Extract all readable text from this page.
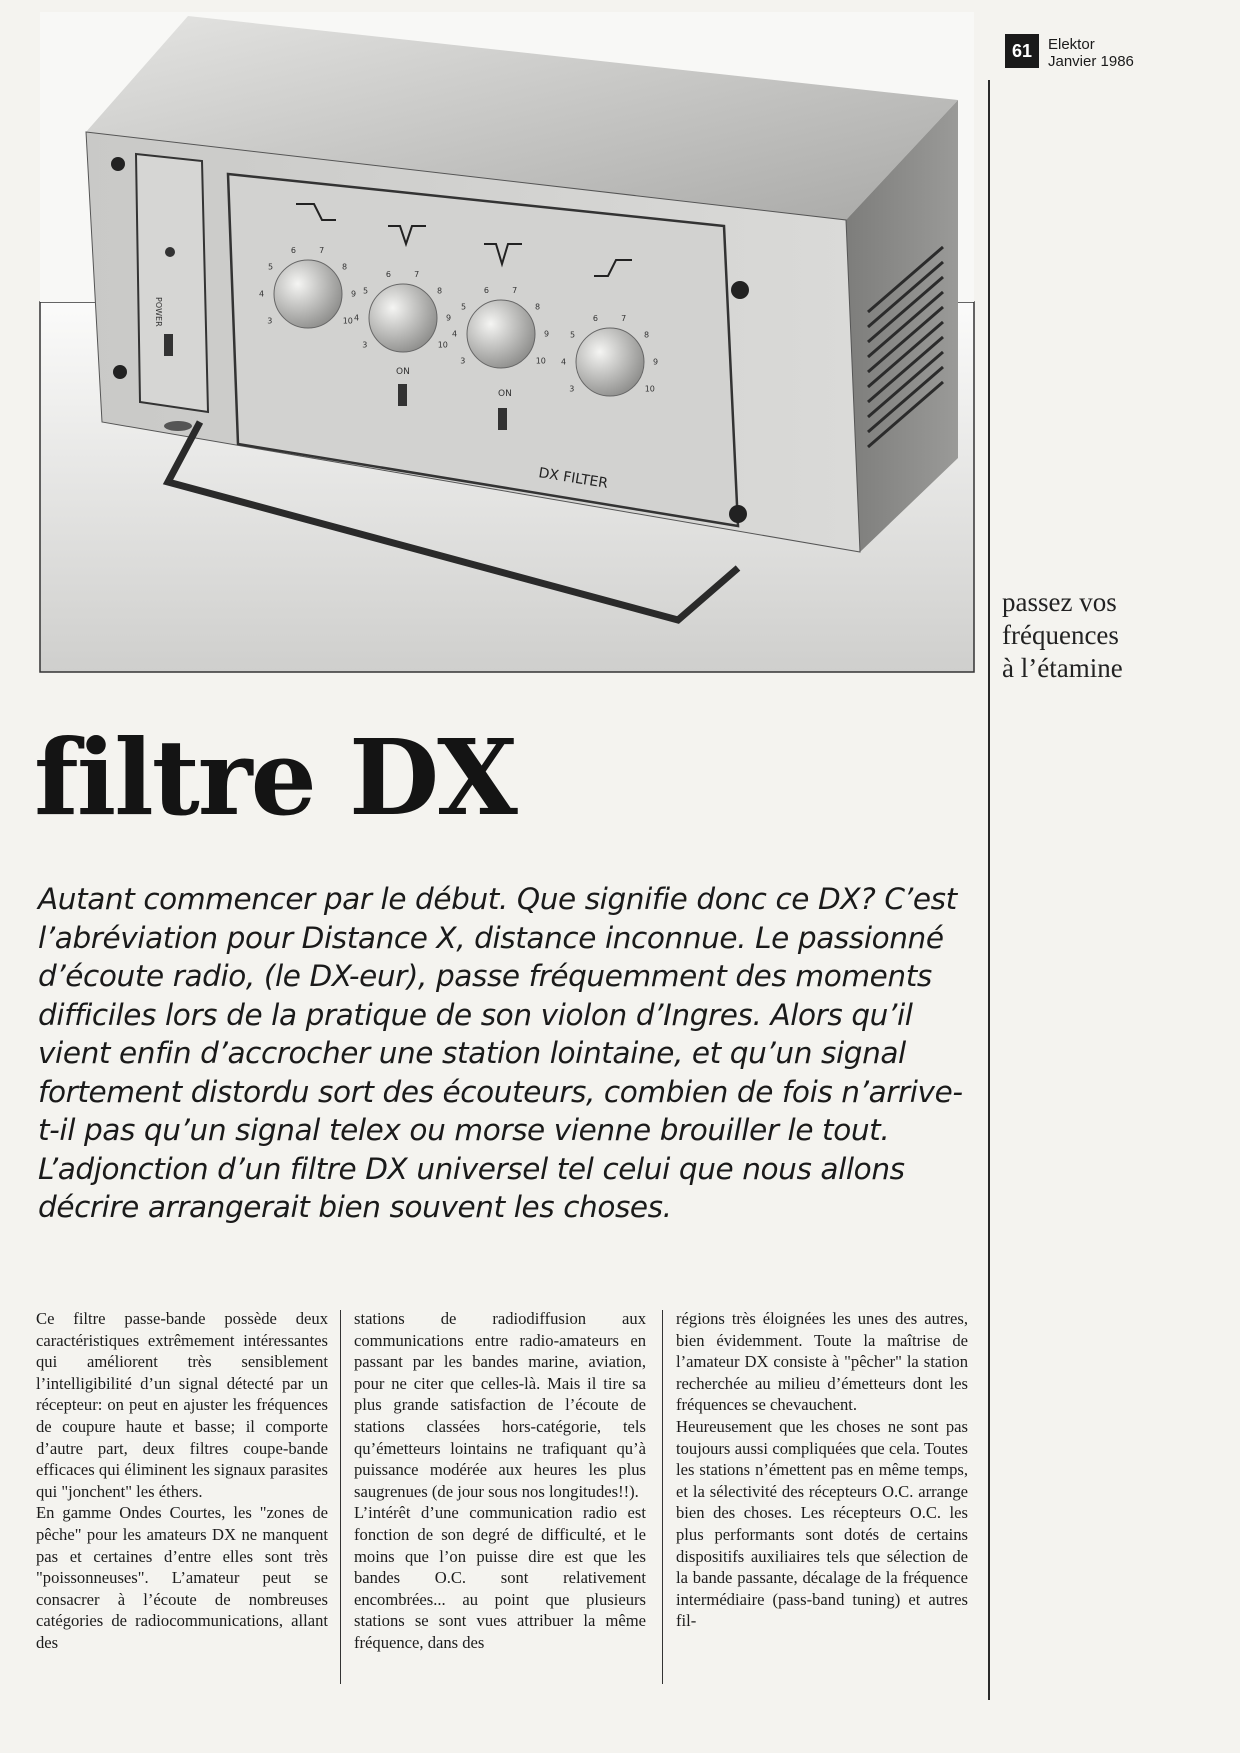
61	Elektor
Janvier 1986
passez vos
fréquences
à l’étamine
POWER
DX FILTER
ON
ON
3
4
5
6	7
8
9
10
3
4
5
6	7
8
9
10
3
4
5
6	7
8
9
10
3
4
5
6	7
8
9
10
filtre DX

Autant commencer par le début. Que signifie donc ce DX? C’est l’abréviation pour Distance X, distance inconnue. Le passionné d’écoute radio, (le DX-eur), passe fréquemment des moments difficiles lors de la pratique de son violon d’Ingres. Alors qu’il vient enfin d’accrocher une station lointaine, et qu’un signal fortement distordu sort des écouteurs, combien de fois n’arrive-t-il pas qu’un signal telex ou morse vienne brouiller le tout.
L’adjonction d’un filtre DX universel tel celui que nous allons décrire arrangerait bien souvent les choses.

Ce filtre passe-bande possède deux caractéristiques extrêmement intéressantes qui améliorent très sensiblement l’intelligibilité d’un signal détecté par un récepteur: on peut en ajuster les fréquences de coupure haute et basse; il comporte d’autre part, deux filtres coupe-bande efficaces qui éliminent les signaux parasites qui "jonchent" les éthers.

En gamme Ondes Courtes, les "zones de pêche" pour les amateurs DX ne manquent pas et certaines d’entre elles sont très "poissonneuses". L’amateur peut se consacrer à l’écoute de nombreuses catégories de radiocommunications, allant des

stations de radiodiffusion aux communications entre radio-amateurs en passant par les bandes marine, aviation, pour ne citer que celles-là. Mais il tire sa plus grande satisfaction de l’écoute de stations classées hors-catégorie, tels qu’émetteurs lointains ne trafiquant qu’à puissance modérée aux heures les plus saugrenues (de jour sous nos longitudes!!).

L’intérêt d’une communication radio est fonction de son degré de difficulté, et le moins que l’on puisse dire est que les bandes O.C. sont relativement encombrées... au point que plusieurs stations se sont vues attribuer la même fréquence, dans des

régions très éloignées les unes des autres, bien évidemment. Toute la maîtrise de l’amateur DX consiste à "pêcher" la station recherchée au milieu d’émetteurs dont les fréquences se chevauchent.

Heureusement que les choses ne sont pas toujours aussi compliquées que cela. Toutes les stations n’émettent pas en même temps, et la sélectivité des récepteurs O.C. arrange bien des choses. Les récepteurs O.C. les plus performants sont dotés de certains dispositifs auxiliaires tels que sélection de la bande passante, décalage de la fréquence intermédiaire (pass-band tuning) et autres fil-
